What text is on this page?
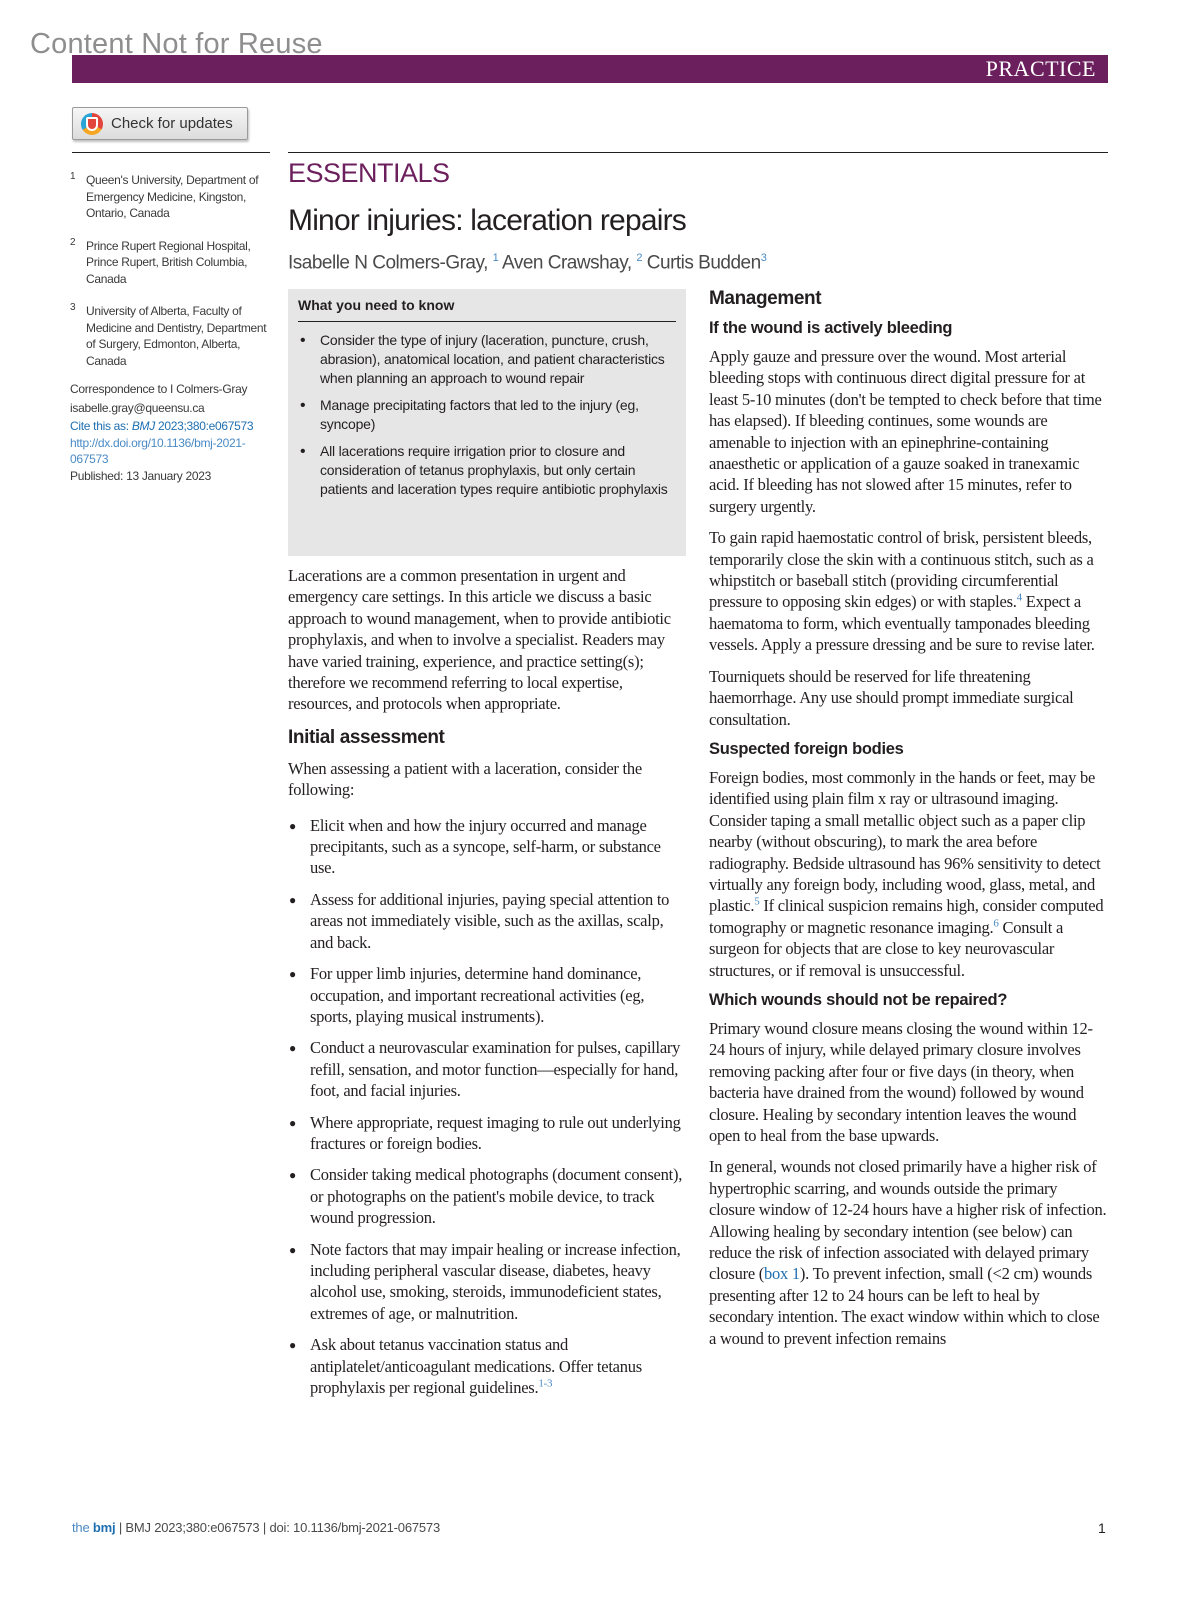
Content Not for Reuse
PRACTICE
Check for updates
1 Queen's University, Department of Emergency Medicine, Kingston, Ontario, Canada
2 Prince Rupert Regional Hospital, Prince Rupert, British Columbia, Canada
3 University of Alberta, Faculty of Medicine and Dentistry, Department of Surgery, Edmonton, Alberta, Canada
Correspondence to I Colmers-Gray
isabelle.gray@queensu.ca
Cite this as: BMJ 2023;380:e067573
http://dx.doi.org/10.1136/bmj-2021-067573
Published: 13 January 2023
ESSENTIALS
Minor injuries: laceration repairs
Isabelle N Colmers-Gray, $^1$ Aven Crawshay, $^2$ Curtis Budden$^3$
What you need to know
• Consider the type of injury (laceration, puncture, crush, abrasion), anatomical location, and patient characteristics when planning an approach to wound repair
• Manage precipitating factors that led to the injury (eg, syncope)
• All lacerations require irrigation prior to closure and consideration of tetanus prophylaxis, but only certain patients and laceration types require antibiotic prophylaxis

Lacerations are a common presentation in urgent and emergency care settings. In this article we discuss a basic approach to wound management, when to provide antibiotic prophylaxis, and when to involve a specialist. Readers may have varied training, experience, and practice setting(s); therefore we recommend referring to local expertise, resources, and protocols when appropriate.

Initial assessment

When assessing a patient with a laceration, consider the following:

● Elicit when and how the injury occurred and manage precipitants, such as a syncope, self-harm, or substance use.
● Assess for additional injuries, paying special attention to areas not immediately visible, such as the axillas, scalp, and back.
● For upper limb injuries, determine hand dominance, occupation, and important recreational activities (eg, sports, playing musical instruments).
● Conduct a neurovascular examination for pulses, capillary refill, sensation, and motor function—especially for hand, foot, and facial injuries.
● Where appropriate, request imaging to rule out underlying fractures or foreign bodies.
● Consider taking medical photographs (document consent), or photographs on the patient's mobile device, to track wound progression.
● Note factors that may impair healing or increase infection, including peripheral vascular disease, diabetes, heavy alcohol use, smoking, steroids, immunodeficient states, extremes of age, or malnutrition.
● Ask about tetanus vaccination status and antiplatelet/anticoagulant medications. Offer tetanus prophylaxis per regional guidelines.$^{1-3}$
Management
If the wound is actively bleeding

Apply gauze and pressure over the wound. Most arterial bleeding stops with continuous direct digital pressure for at least 5-10 minutes (don't be tempted to check before that time has elapsed). If bleeding continues, some wounds are amenable to injection with an epinephrine-containing anaesthetic or application of a gauze soaked in tranexamic acid. If bleeding has not slowed after 15 minutes, refer to surgery urgently.

To gain rapid haemostatic control of brisk, persistent bleeds, temporarily close the skin with a continuous stitch, such as a whipstitch or baseball stitch (providing circumferential pressure to opposing skin edges) or with staples.$^4$ Expect a haematoma to form, which eventually tamponades bleeding vessels. Apply a pressure dressing and be sure to revise later.

Tourniquets should be reserved for life threatening haemorrhage. Any use should prompt immediate surgical consultation.

Suspected foreign bodies

Foreign bodies, most commonly in the hands or feet, may be identified using plain film x ray or ultrasound imaging. Consider taping a small metallic object such as a paper clip nearby (without obscuring), to mark the area before radiography. Bedside ultrasound has 96% sensitivity to detect virtually any foreign body, including wood, glass, metal, and plastic.$^5$ If clinical suspicion remains high, consider computed tomography or magnetic resonance imaging.$^6$ Consult a surgeon for objects that are close to key neurovascular structures, or if removal is unsuccessful.

Which wounds should not be repaired?

Primary wound closure means closing the wound within 12-24 hours of injury, while delayed primary closure involves removing packing after four or five days (in theory, when bacteria have drained from the wound) followed by wound closure. Healing by secondary intention leaves the wound open to heal from the base upwards.

In general, wounds not closed primarily have a higher risk of hypertrophic scarring, and wounds outside the primary closure window of 12-24 hours have a higher risk of infection. Allowing healing by secondary intention (see below) can reduce the risk of infection associated with delayed primary closure (box 1). To prevent infection, small (<2 cm) wounds presenting after 12 to 24 hours can be left to heal by secondary intention. The exact window within which to close a wound to prevent infection remains

the bmj | BMJ 2023;380:e067573 | doi: 10.1136/bmj-2021-067573	1
